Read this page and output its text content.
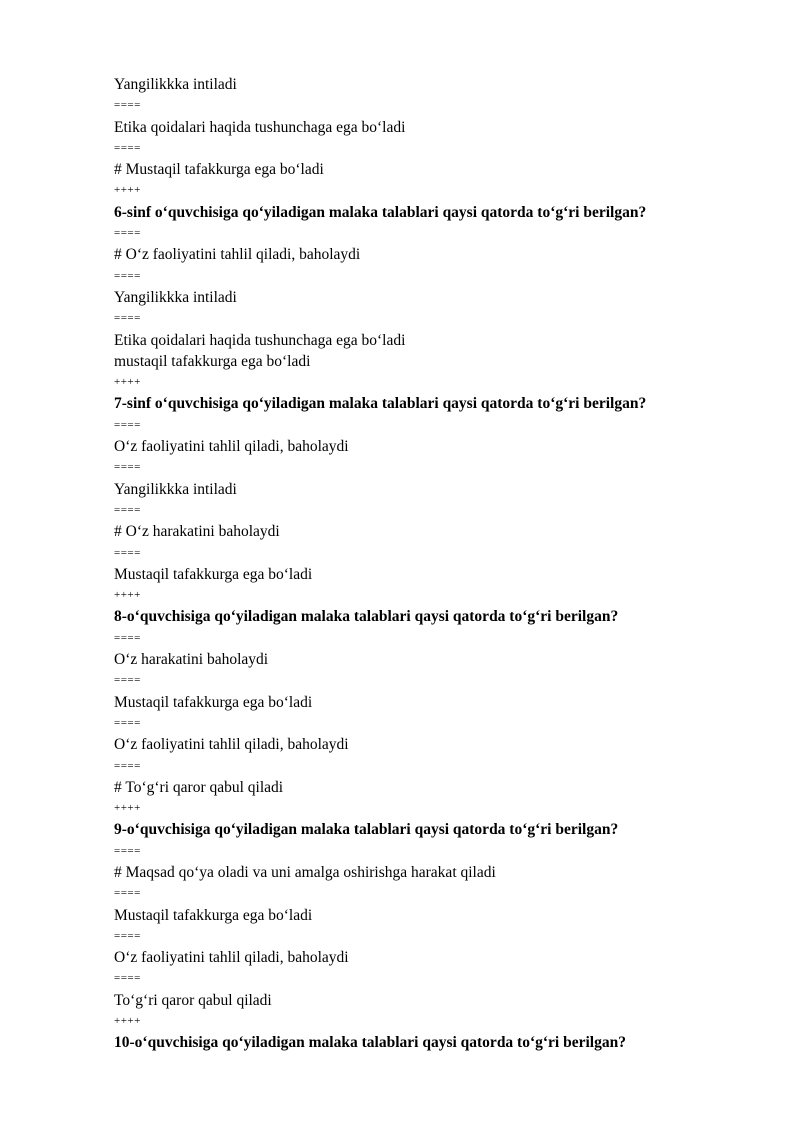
Yangilikkka intiladi
====
Etika qoidalari haqida tushunchaga ega bo‘ladi
====
# Mustaqil tafakkurga ega bo‘ladi
++++
6-sinf o‘quvchisiga qo‘yiladigan malaka talablari qaysi qatorda to‘g‘ri berilgan?
====
# O‘z faoliyatini tahlil qiladi, baholaydi
====
Yangilikkka intiladi
====
Etika qoidalari haqida tushunchaga ega bo‘ladi
mustaqil tafakkurga ega bo‘ladi
++++
7-sinf o‘quvchisiga qo‘yiladigan malaka talablari qaysi qatorda to‘g‘ri berilgan?
====
O‘z faoliyatini tahlil qiladi, baholaydi
====
Yangilikkka intiladi
====
# O‘z harakatini baholaydi
====
Mustaqil tafakkurga ega bo‘ladi
++++
8-o‘quvchisiga qo‘yiladigan malaka talablari qaysi qatorda to‘g‘ri berilgan?
====
O‘z harakatini baholaydi
====
Mustaqil tafakkurga ega bo‘ladi
====
O‘z faoliyatini tahlil qiladi, baholaydi
====
# To‘g‘ri qaror qabul qiladi
++++
9-o‘quvchisiga qo‘yiladigan malaka talablari qaysi qatorda to‘g‘ri berilgan?
====
# Maqsad qo‘ya oladi va uni amalga oshirishga harakat qiladi
====
Mustaqil tafakkurga ega bo‘ladi
====
O‘z faoliyatini tahlil qiladi, baholaydi
====
To‘g‘ri qaror qabul qiladi
++++
10-o‘quvchisiga qo‘yiladigan malaka talablari qaysi qatorda to‘g‘ri berilgan?
